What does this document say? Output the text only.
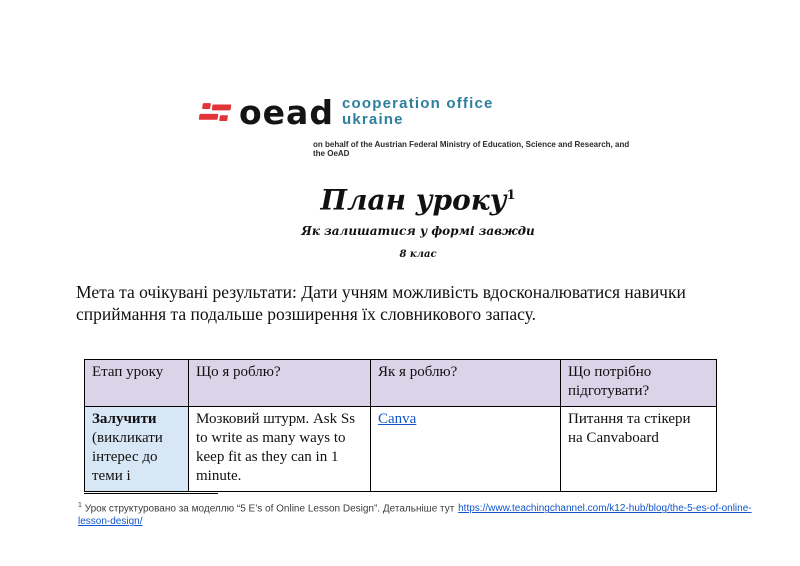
oead cooperation office
ukraine
on behalf of the Austrian Federal Ministry of Education, Science and Research, and the OeAD
План уроку$^1$
Як залишатися у формі завжди
8 клас

Мета та очікувані результати: Дати учням можливість вдосконалюватися навички сприймання та подальше розширення їх словникового запасу.

Етап уроку	Що я роблю?	Як я роблю?	Що потрібно підготувати?
Залучити (викликати інтерес до теми і	Мозковий штурм. Ask Ss to write as many ways to keep fit as they can in 1 minute.	Canva	Питання та стікери на Canvaboard
$^1$ Урок структуровано за моделлю “5 E’s of Online Lesson Design”. Детальніше тут https://www.teachingchannel.com/k12-hub/blog/the-5-es-of-online-lesson-design/
